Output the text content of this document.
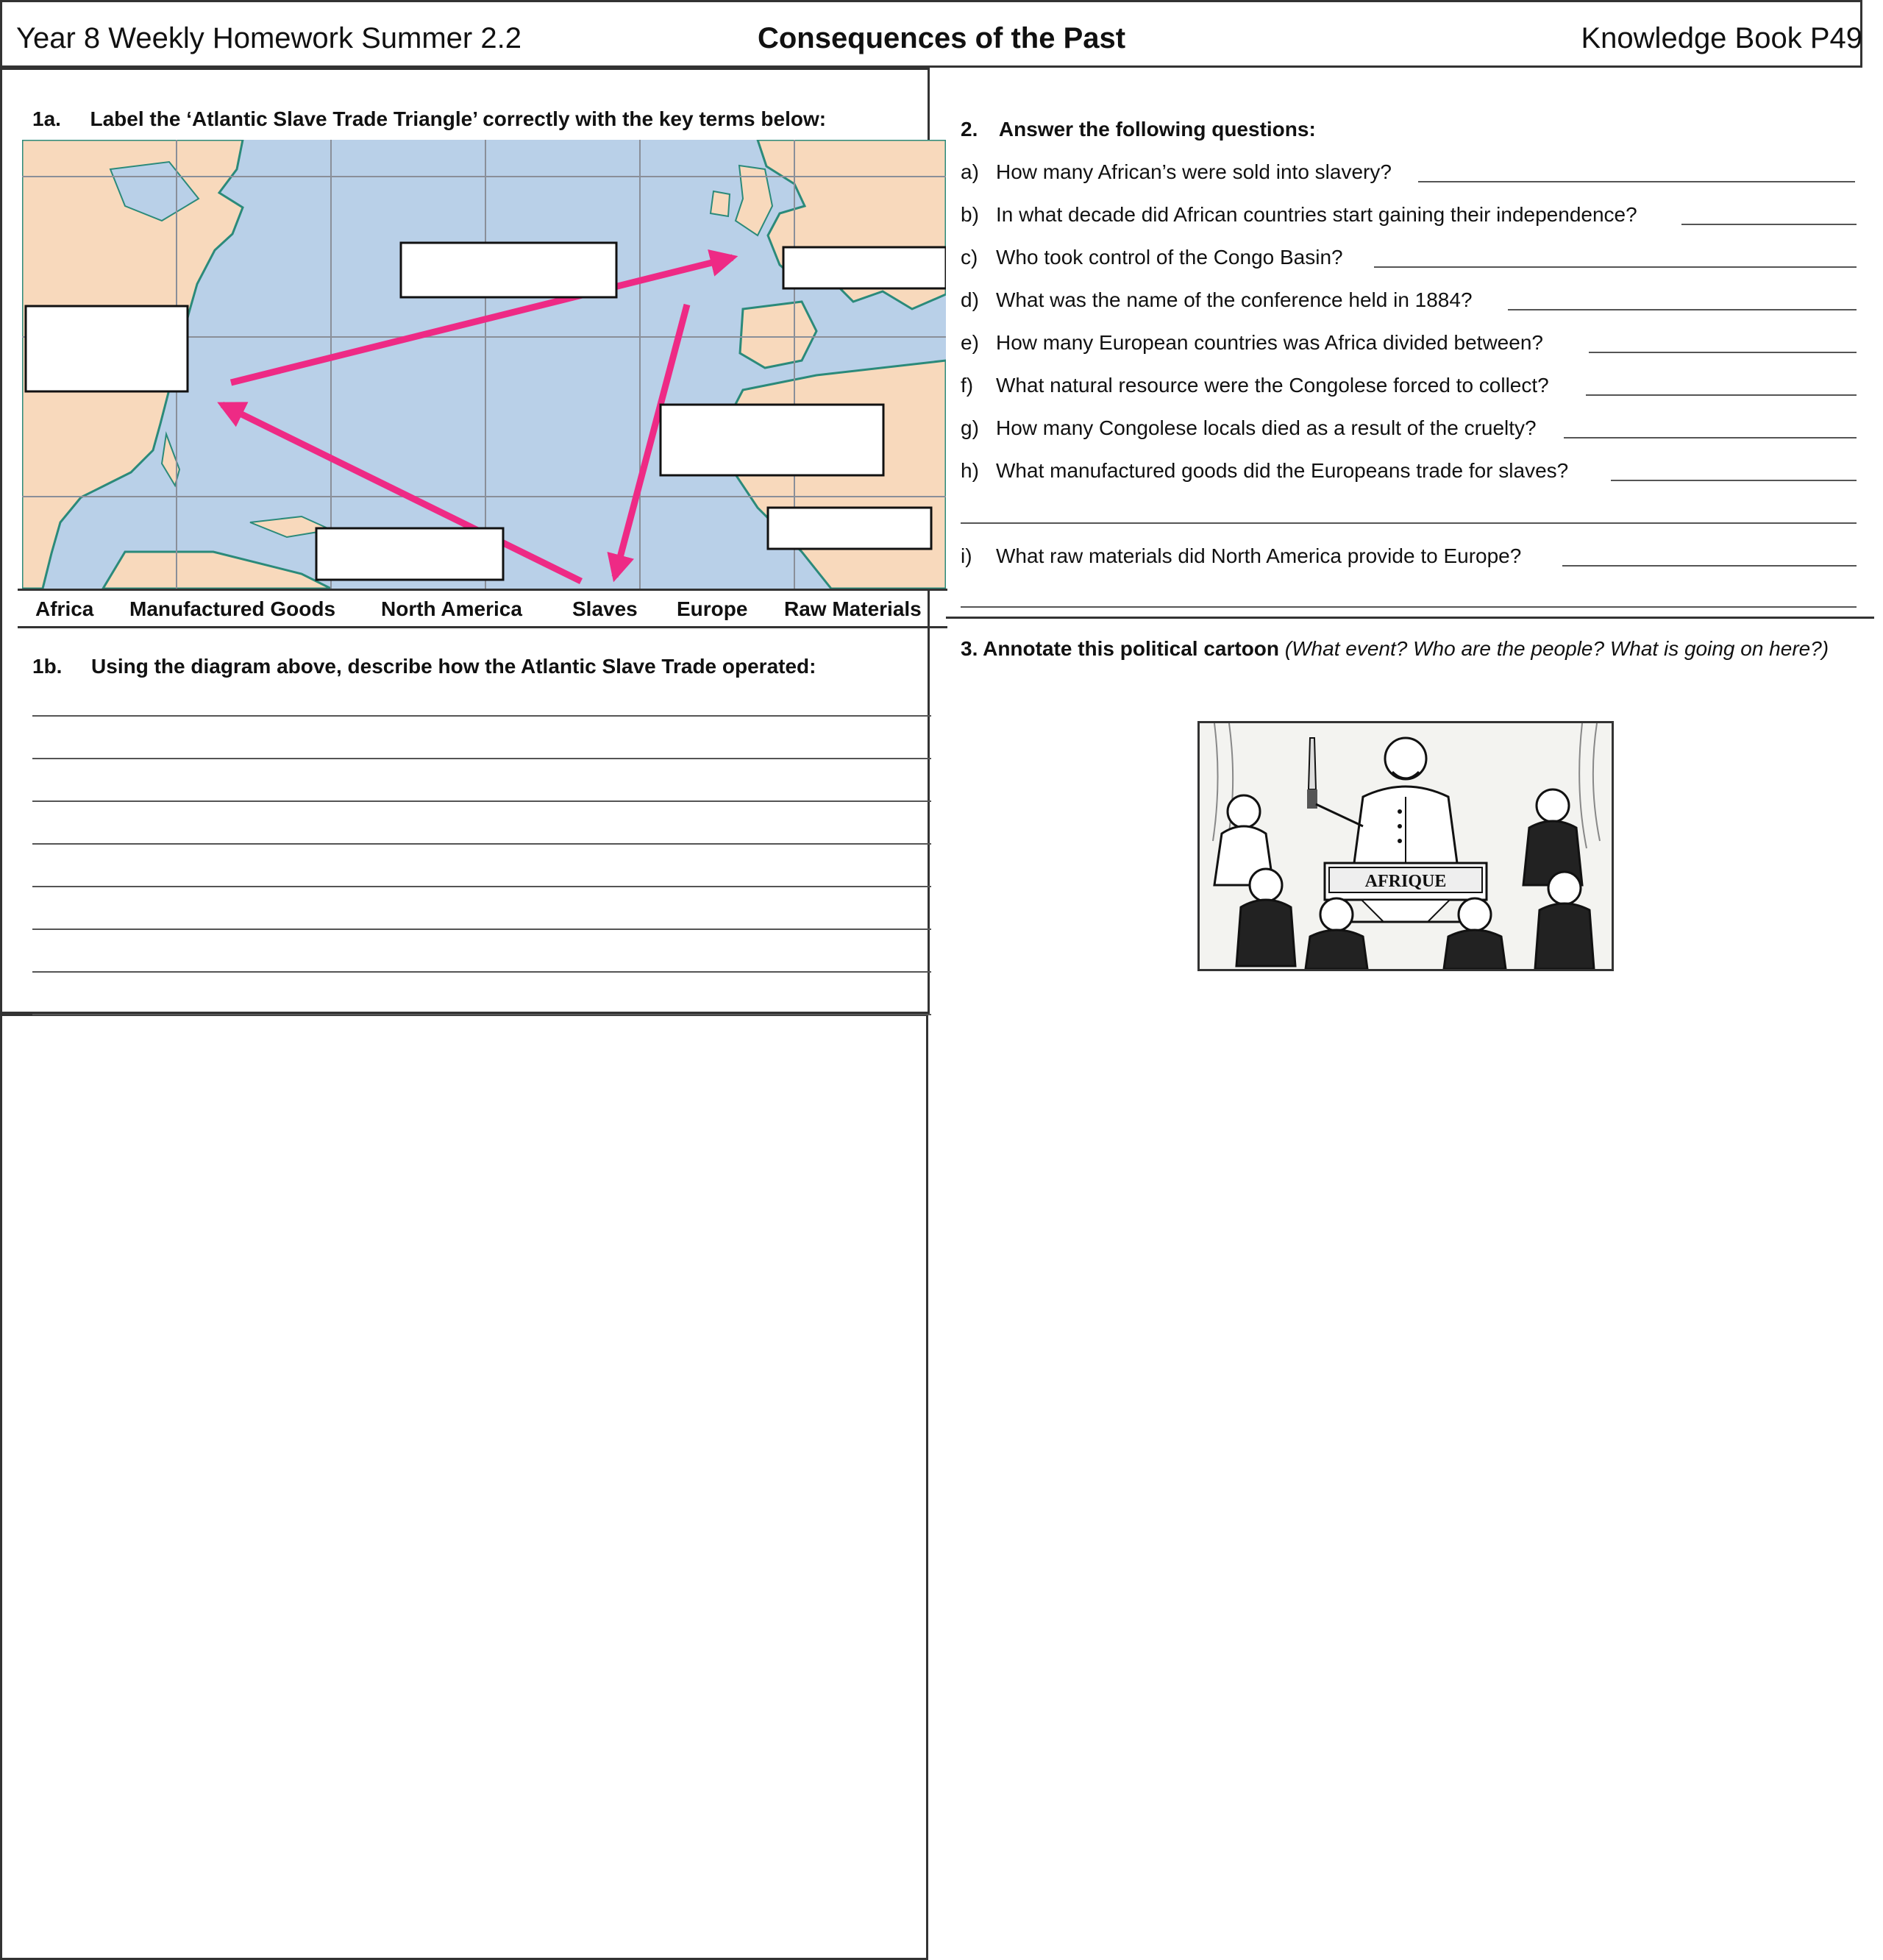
Year 8 Weekly Homework Summer 2.2	Consequences of the Past	Knowledge Book P49
1a. Label the ‘Atlantic Slave Trade Triangle’ correctly with the key terms below:
Africa Manufactured Goods North America Slaves Europe Raw Materials
1b. Using the diagram above, describe how the Atlantic Slave Trade operated:
2. Answer the following questions:
a) How many African’s were sold into slavery?
b) In what decade did African countries start gaining their independence?
c) Who took control of the Congo Basin?
d) What was the name of the conference held in 1884?
e) How many European countries was Africa divided between?
f) What natural resource were the Congolese forced to collect?
g) How many Congolese locals died as a result of the cruelty?
h) What manufactured goods did the Europeans trade for slaves?
i) What raw materials did North America provide to Europe?
3. Annotate this political cartoon (What event? Who are the people? What is going on here?)
AFRIQUE
